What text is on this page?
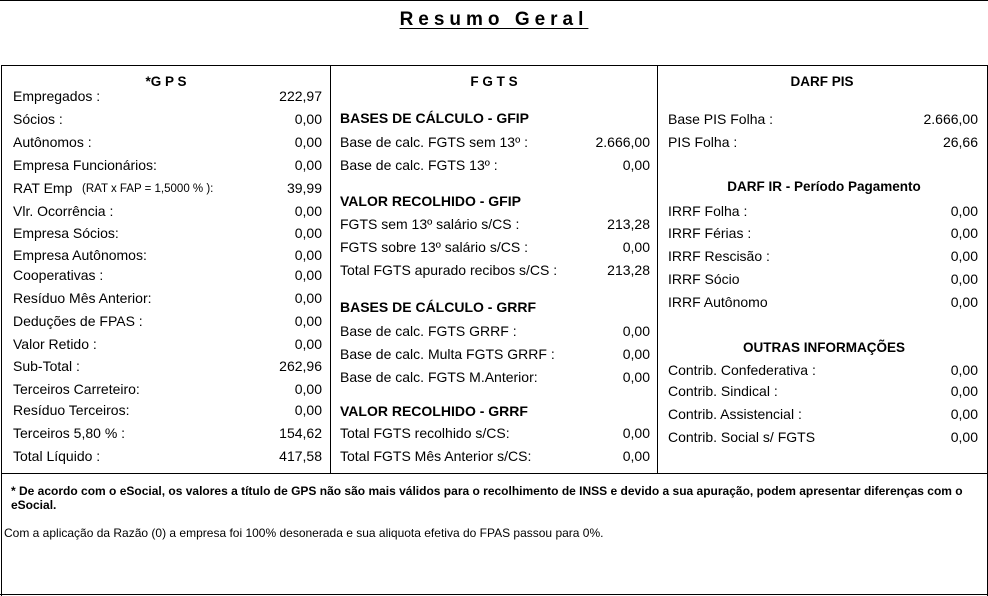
Resumo Geral
*G P S
Empregados :	222,97
Sócios :	0,00
Autônomos :	0,00
Empresa Funcionários:	0,00
RAT Emp (RAT x FAP = 1,5000 % ):	39,99
Vlr. Ocorrência :	0,00
Empresa Sócios:	0,00
Empresa Autônomos:	0,00
Cooperativas :	0,00
Resíduo Mês Anterior:	0,00
Deduções de FPAS :	0,00
Valor Retido :	0,00
Sub-Total :	262,96
Terceiros Carreteiro:	0,00
Resíduo Terceiros:	0,00
Terceiros 5,80 % :	154,62
Total Líquido :	417,58
F G T S
BASES DE CÁLCULO - GFIP
Base de calc. FGTS sem 13º :	2.666,00
Base de calc. FGTS 13º :	0,00
VALOR RECOLHIDO - GFIP
FGTS sem 13º salário s/CS :	213,28
FGTS sobre 13º salário s/CS :	0,00
Total FGTS apurado recibos s/CS :	213,28
BASES DE CÁLCULO - GRRF
Base de calc. FGTS GRRF :	0,00
Base de calc. Multa FGTS GRRF :	0,00
Base de calc. FGTS M.Anterior:	0,00
VALOR RECOLHIDO - GRRF
Total FGTS recolhido s/CS:	0,00
Total FGTS Mês Anterior s/CS:	0,00
DARF PIS
Base PIS Folha :	2.666,00
PIS Folha :	26,66
DARF IR - Período Pagamento
IRRF Folha :	0,00
IRRF Férias :	0,00
IRRF Rescisão :	0,00
IRRF Sócio	0,00
IRRF Autônomo	0,00
OUTRAS INFORMAÇÕES
Contrib. Confederativa :	0,00
Contrib. Sindical :	0,00
Contrib. Assistencial :	0,00
Contrib. Social s/ FGTS	0,00
* De acordo com o eSocial, os valores a título de GPS não são mais válidos para o recolhimento de INSS e devido a sua apuração, podem apresentar diferenças com o eSocial.
Com a aplicação da Razão (0) a empresa foi 100% desonerada e sua aliquota efetiva do FPAS passou para 0%.
